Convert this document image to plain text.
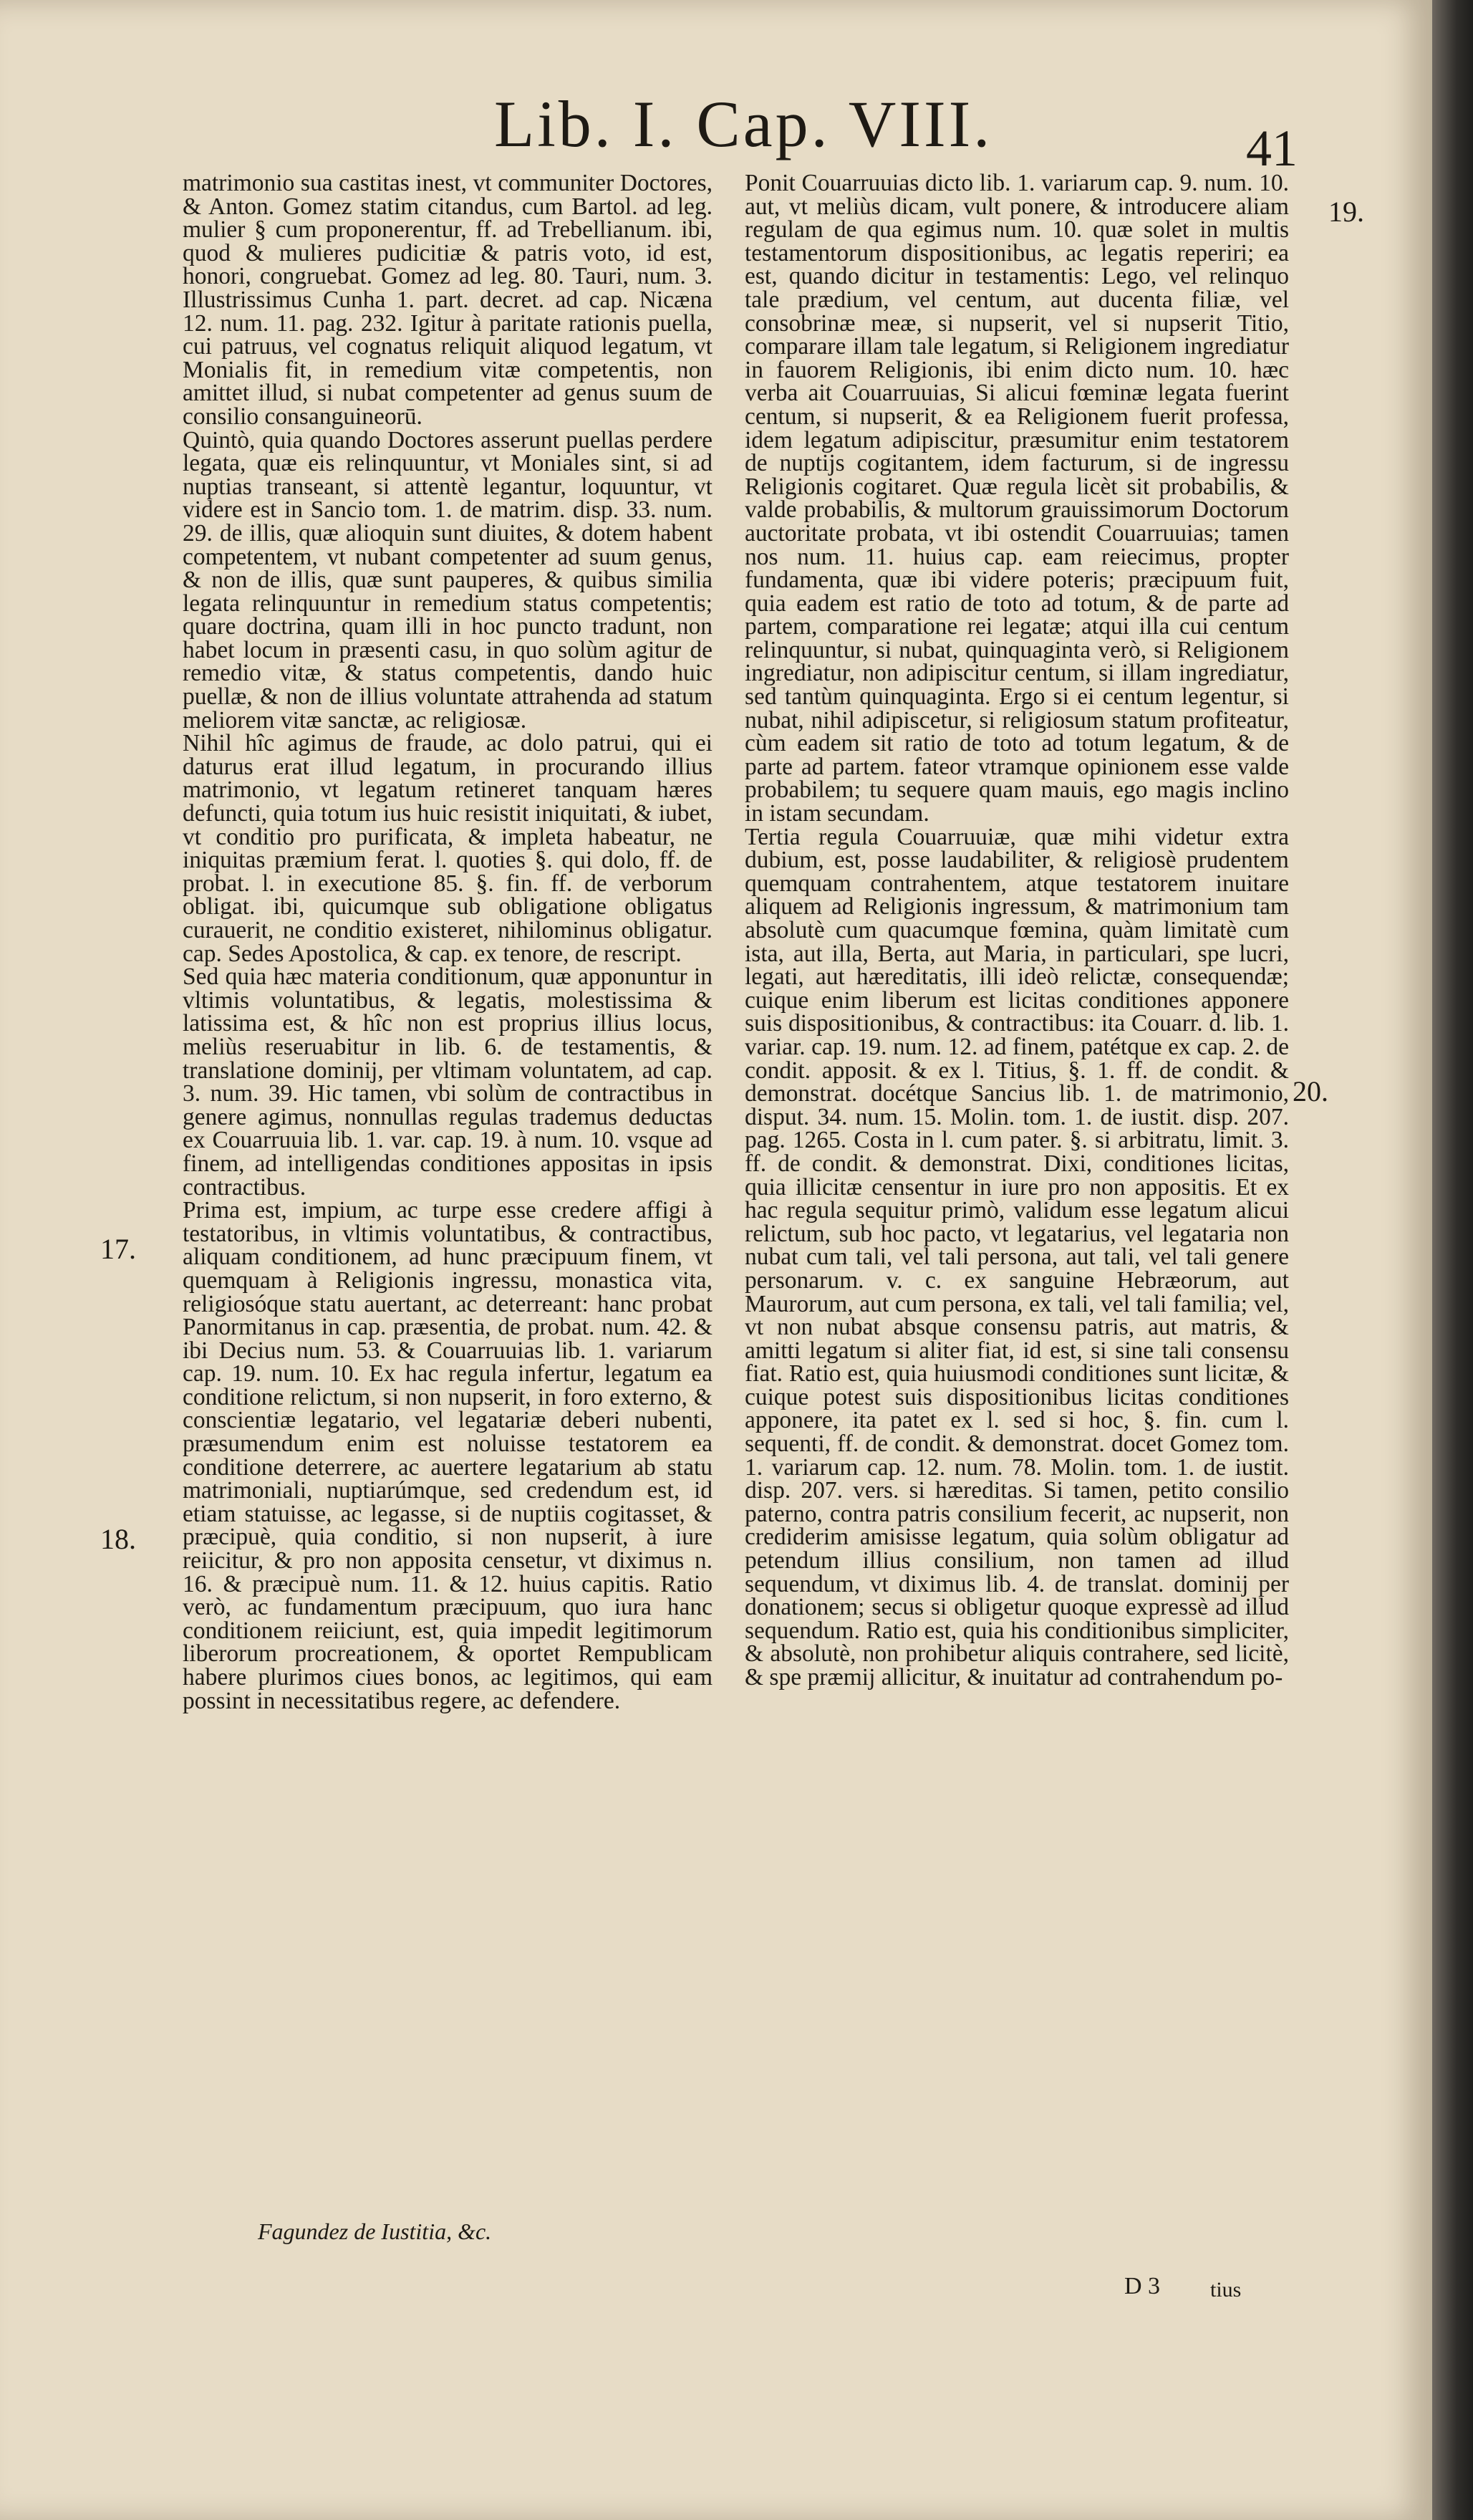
Lib. I. Cap. VIII.	41

matrimonio sua castitas inest, vt communiter Doctores, & Anton. Gomez statim citandus, cum Bartol. ad leg. mulier § cum proponerentur, ff. ad Trebellianum. ibi, quod & mulieres pudicitiæ & patris voto, id est, honori, congruebat. Gomez ad leg. 80. Tauri, num. 3. Illustrissimus Cunha 1. part. decret. ad cap. Nicæna 12. num. 11. pag. 232. Igitur à paritate rationis puella, cui patruus, vel cognatus reliquit aliquod legatum, vt Monialis fit, in remedium vitæ competentis, non amittet illud, si nubat competenter ad genus suum de consilio consanguineorū.

Quintò, quia quando Doctores asserunt puellas perdere legata, quæ eis relinquuntur, vt Moniales sint, si ad nuptias transeant, si attentè legantur, loquuntur, vt videre est in Sancio tom. 1. de matrim. disp. 33. num. 29. de illis, quæ alioquin sunt diuites, & dotem habent competentem, vt nubant competenter ad suum genus, & non de illis, quæ sunt pauperes, & quibus similia legata relinquuntur in remedium status competentis; quare doctrina, quam illi in hoc puncto tradunt, non habet locum in præsenti casu, in quo solùm agitur de remedio vitæ, & status competentis, dando huic puellæ, & non de illius voluntate attrahenda ad statum meliorem vitæ sanctæ, ac religiosæ.

Nihil hîc agimus de fraude, ac dolo patrui, qui ei daturus erat illud legatum, in procurando illius matrimonio, vt legatum retineret tanquam hæres defuncti, quia totum ius huic resistit iniquitati, & iubet, vt conditio pro purificata, & impleta habeatur, ne iniquitas præmium ferat. l. quoties §. qui dolo, ff. de probat. l. in executione 85. §. fin. ff. de verborum obligat. ibi, quicumque sub obligatione obligatus curauerit, ne conditio existeret, nihilominus obligatur. cap. Sedes Apostolica, & cap. ex tenore, de rescript.

Sed quia hæc materia conditionum, quæ apponuntur in vltimis voluntatibus, & legatis, molestissima & latissima est, & hîc non est proprius illius locus, meliùs reseruabitur in lib. 6. de testamentis, & translatione dominij, per vltimam voluntatem, ad cap. 3. num. 39. Hic tamen, vbi solùm de contractibus in genere agimus, nonnullas regulas trademus deductas ex Couarruuia lib. 1. var. cap. 19. à num. 10. vsque ad finem, ad intelligendas conditiones appositas in ipsis contractibus.

Prima est, impium, ac turpe esse credere affigi à testatoribus, in vltimis voluntatibus, & contractibus, aliquam conditionem, ad hunc præcipuum finem, vt quemquam à Religionis ingressu, monastica vita, religiosóque statu auertant, ac deterreant: hanc probat Panormitanus in cap. præsentia, de probat. num. 42. & ibi Decius num. 53. & Couarruuias lib. 1. variarum cap. 19. num. 10. Ex hac regula infertur, legatum ea conditione relictum, si non nupserit, in foro externo, & conscientiæ legatario, vel legatariæ deberi nubenti, præsumendum enim est noluisse testatorem ea conditione deterrere, ac auertere legatarium ab statu matrimoniali, nuptiarúmque, sed credendum est, id etiam statuisse, ac legasse, si de nuptiis cogitasset, & præcipuè, quia conditio, si non nupserit, à iure reiicitur, & pro non apposita censetur, vt diximus n. 16. & præcipuè num. 11. & 12. huius capitis. Ratio verò, ac fundamentum præcipuum, quo iura hanc conditionem reiiciunt, est, quia impedit legitimorum liberorum procreationem, & oportet Rempublicam habere plurimos ciues bonos, ac legitimos, qui eam possint in necessitatibus regere, ac defendere.

Ponit Couarruuias dicto lib. 1. variarum cap. 9. num. 10. aut, vt meliùs dicam, vult ponere, & introducere aliam regulam de qua egimus num. 10. quæ solet in multis testamentorum dispositionibus, ac legatis reperiri; ea est, quando dicitur in testamentis: Lego, vel relinquo tale prædium, vel centum, aut ducenta filiæ, vel consobrinæ meæ, si nupserit, vel si nupserit Titio, comparare illam tale legatum, si Religionem ingrediatur in fauorem Religionis, ibi enim dicto num. 10. hæc verba ait Couarruuias, Si alicui fœminæ legata fuerint centum, si nupserit, & ea Religionem fuerit professa, idem legatum adipiscitur, præsumitur enim testatorem de nuptijs cogitantem, idem facturum, si de ingressu Religionis cogitaret. Quæ regula licèt sit probabilis, & valde probabilis, & multorum grauissimorum Doctorum auctoritate probata, vt ibi ostendit Couarruuias; tamen nos num. 11. huius cap. eam reiecimus, propter fundamenta, quæ ibi videre poteris; præcipuum fuit, quia eadem est ratio de toto ad totum, & de parte ad partem, comparatione rei legatæ; atqui illa cui centum relinquuntur, si nubat, quinquaginta verò, si Religionem ingrediatur, non adipiscitur centum, si illam ingrediatur, sed tantùm quinquaginta. Ergo si ei centum legentur, si nubat, nihil adipiscetur, si religiosum statum profiteatur, cùm eadem sit ratio de toto ad totum legatum, & de parte ad partem. fateor vtramque opinionem esse valde probabilem; tu sequere quam mauis, ego magis inclino in istam secundam.

Tertia regula Couarruuiæ, quæ mihi videtur extra dubium, est, posse laudabiliter, & religiosè prudentem quemquam contrahentem, atque testatorem inuitare aliquem ad Religionis ingressum, & matrimonium tam absolutè cum quacumque fœmina, quàm limitatè cum ista, aut illa, Berta, aut Maria, in particulari, spe lucri, legati, aut hæreditatis, illi ideò relictæ, consequendæ; cuique enim liberum est licitas conditiones apponere suis dispositionibus, & contractibus: ita Couarr. d. lib. 1. variar. cap. 19. num. 12. ad finem, patétque ex cap. 2. de condit. apposit. & ex l. Titius, §. 1. ff. de condit. & demonstrat. docétque Sancius lib. 1. de matrimonio, disput. 34. num. 15. Molin. tom. 1. de iustit. disp. 207. pag. 1265. Costa in l. cum pater. §. si arbitratu, limit. 3. ff. de condit. & demonstrat. Dixi, conditiones licitas, quia illicitæ censentur in iure pro non appositis. Et ex hac regula sequitur primò, validum esse legatum alicui relictum, sub hoc pacto, vt legatarius, vel legataria non nubat cum tali, vel tali persona, aut tali, vel tali genere personarum. v. c. ex sanguine Hebræorum, aut Maurorum, aut cum persona, ex tali, vel tali familia; vel, vt non nubat absque consensu patris, aut matris, & amitti legatum si aliter fiat, id est, si sine tali consensu fiat. Ratio est, quia huiusmodi conditiones sunt licitæ, & cuique potest suis dispositionibus licitas conditiones apponere, ita patet ex l. sed si hoc, §. fin. cum l. sequenti, ff. de condit. & demonstrat. docet Gomez tom. 1. variarum cap. 12. num. 78. Molin. tom. 1. de iustit. disp. 207. vers. si hæreditas. Si tamen, petito consilio paterno, contra patris consilium fecerit, ac nupserit, non crediderim amisisse legatum, quia solùm obligatur ad petendum illius consilium, non tamen ad illud sequendum, vt diximus lib. 4. de translat. dominij per donationem; secus si obligetur quoque expressè ad illud sequendum. Ratio est, quia his conditionibus simpliciter, & absolutè, non prohibetur aliquis contrahere, sed licitè, & spe præmij allicitur, & inuitatur ad contrahendum po-

17.
18.
19.
20.
Fagundez de Iustitia, &c.
D 3 tius
